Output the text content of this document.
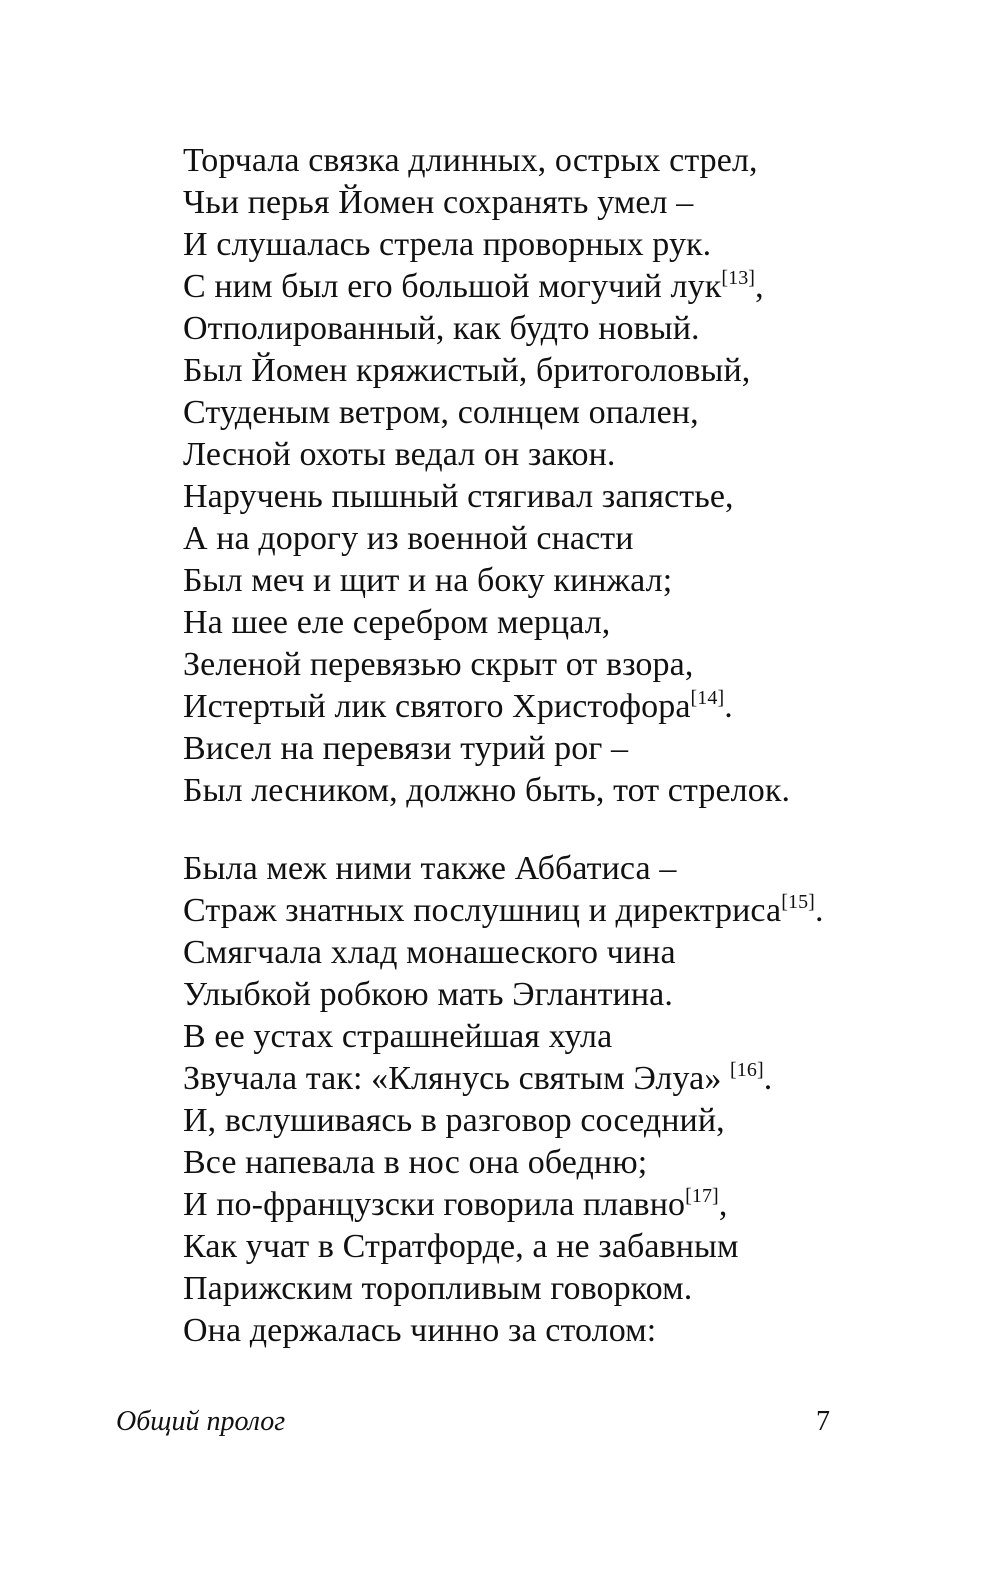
Торчала связка длинных, острых стрел,
Чьи перья Йомен сохранять умел –
И слушалась стрела проворных рук.
С ним был его большой могучий лук[13],
Отполированный, как будто новый.
Был Йомен кряжистый, бритоголовый,
Студеным ветром, солнцем опален,
Лесной охоты ведал он закон.
Наручень пышный стягивал запястье,
А на дорогу из военной снасти
Был меч и щит и на боку кинжал;
На шее еле серебром мерцал,
Зеленой перевязью скрыт от взора,
Истертый лик святого Христофора[14].
Висел на перевязи турий рог –
Был лесником, должно быть, тот стрелок.
Была меж ними также Аббатиса –
Страж знатных послушниц и директриса[15].
Смягчала хлад монашеского чина
Улыбкой робкою мать Эглантина.
В ее устах страшнейшая хула
Звучала так: «Клянусь святым Элуа» [16].
И, вслушиваясь в разговор соседний,
Все напевала в нос она обедню;
И по-французски говорила плавно[17],
Как учат в Стратфорде, а не забавным
Парижским торопливым говорком.
Она держалась чинно за столом:
Общий пролог	7
